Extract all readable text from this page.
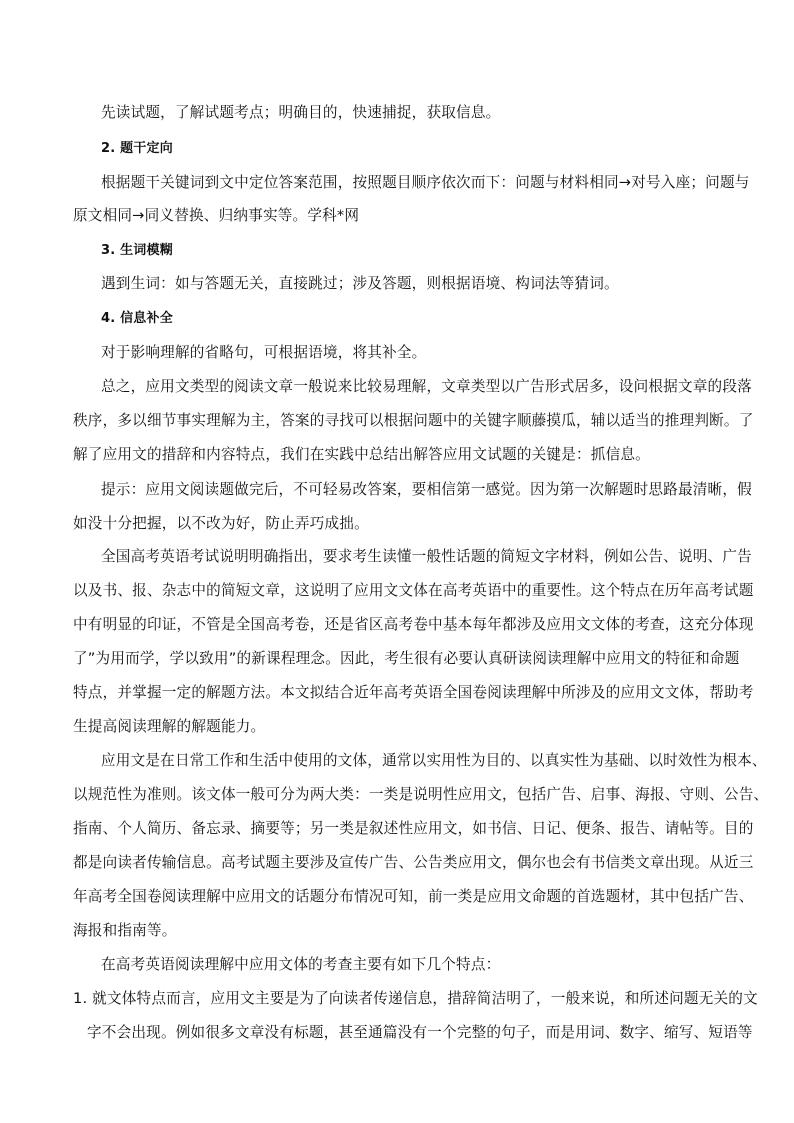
先读试题，了解试题考点；明确目的，快速捕捉，获取信息。
2. 题干定向
根据题干关键词到文中定位答案范围，按照题目顺序依次而下：问题与材料相同→对号入座；问题与
原文相同→同义替换、归纳事实等。学科*网
3. 生词模糊
遇到生词：如与答题无关，直接跳过；涉及答题，则根据语境、构词法等猜词。
4. 信息补全
对于影响理解的省略句，可根据语境，将其补全。
总之，应用文类型的阅读文章一般说来比较易理解，文章类型以广告形式居多，设问根据文章的段落
秩序，多以细节事实理解为主，答案的寻找可以根据问题中的关键字顺藤摸瓜，辅以适当的推理判断。了
解了应用文的措辞和内容特点，我们在实践中总结出解答应用文试题的关键是：抓信息。
提示：应用文阅读题做完后，不可轻易改答案，要相信第一感觉。因为第一次解题时思路最清晰，假
如没十分把握，以不改为好，防止弄巧成拙。
全国高考英语考试说明明确指出，要求考生读懂一般性话题的简短文字材料，例如公告、说明、广告
以及书、报、杂志中的简短文章，这说明了应用文文体在高考英语中的重要性。这个特点在历年高考试题
中有明显的印证，不管是全国高考卷，还是省区高考卷中基本每年都涉及应用文文体的考查，这充分体现
了”为用而学，学以致用”的新课程理念。因此，考生很有必要认真研读阅读理解中应用文的特征和命题
特点，并掌握一定的解题方法。本文拟结合近年高考英语全国卷阅读理解中所涉及的应用文文体，帮助考
生提高阅读理解的解题能力。
应用文是在日常工作和生活中使用的文体，通常以实用性为目的、以真实性为基础、以时效性为根本、
以规范性为准则。该文体一般可分为两大类：一类是说明性应用文，包括广告、启事、海报、守则、公告、
指南、个人简历、备忘录、摘要等；另一类是叙述性应用文，如书信、日记、便条、报告、请帖等。目的
都是向读者传输信息。高考试题主要涉及宣传广告、公告类应用文，偶尔也会有书信类文章出现。从近三
年高考全国卷阅读理解中应用文的话题分布情况可知，前一类是应用文命题的首选题材，其中包括广告、
海报和指南等。
在高考英语阅读理解中应用文体的考查主要有如下几个特点：
1. 就文体特点而言，应用文主要是为了向读者传递信息，措辞简洁明了，一般来说，和所述问题无关的文
字不会出现。例如很多文章没有标题，甚至通篇没有一个完整的句子，而是用词、数字、缩写、短语等
